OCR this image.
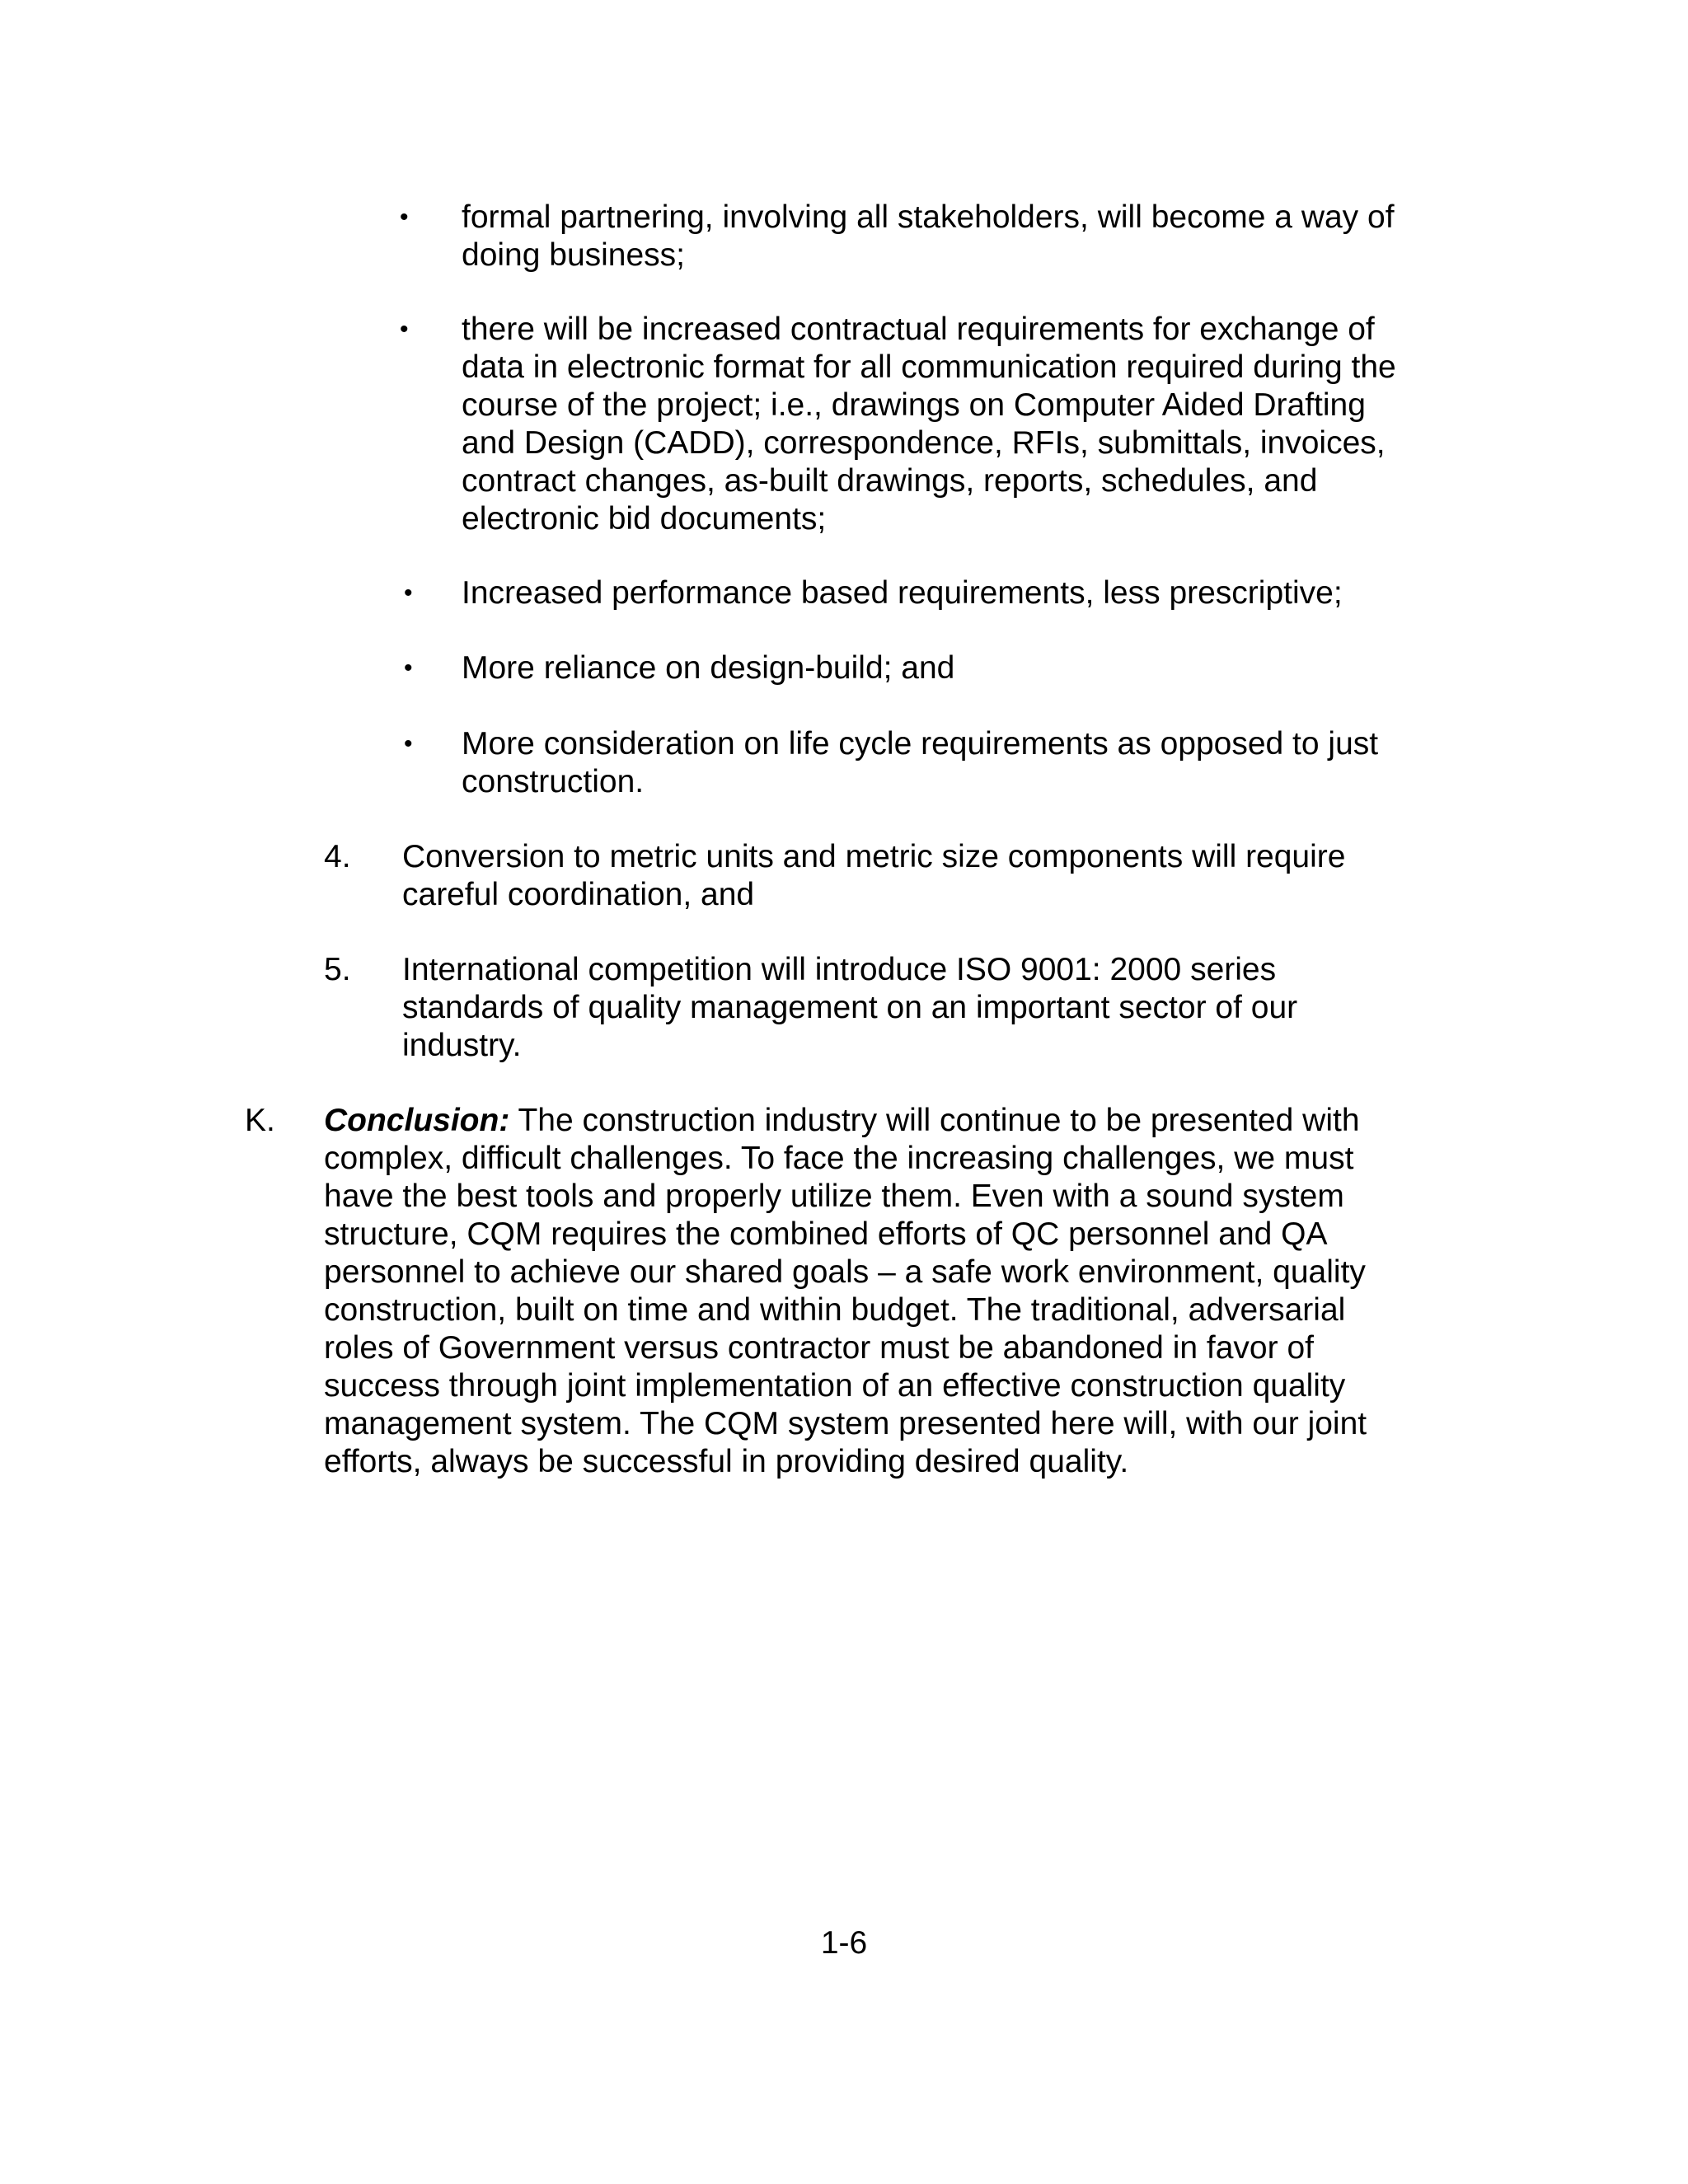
• formal partnering, involving all stakeholders, will become a way of
doing business;
• there will be increased contractual requirements for exchange of
data in electronic format for all communication required during the
course of the project; i.e., drawings on Computer Aided Drafting
and Design (CADD), correspondence, RFIs, submittals, invoices,
contract changes, as-built drawings, reports, schedules, and
electronic bid documents;
• Increased performance based requirements, less prescriptive;
• More reliance on design-build; and
• More consideration on life cycle requirements as opposed to just
construction.
4. Conversion to metric units and metric size components will require
careful coordination, and
5. International competition will introduce ISO 9001: 2000 series
standards of quality management on an important sector of our
industry.
K. Conclusion: The construction industry will continue to be presented with
complex, difficult challenges. To face the increasing challenges, we must
have the best tools and properly utilize them. Even with a sound system
structure, CQM requires the combined efforts of QC personnel and QA
personnel to achieve our shared goals – a safe work environment, quality
construction, built on time and within budget. The traditional, adversarial
roles of Government versus contractor must be abandoned in favor of
success through joint implementation of an effective construction quality
management system. The CQM system presented here will, with our joint
efforts, always be successful in providing desired quality.
1-6
